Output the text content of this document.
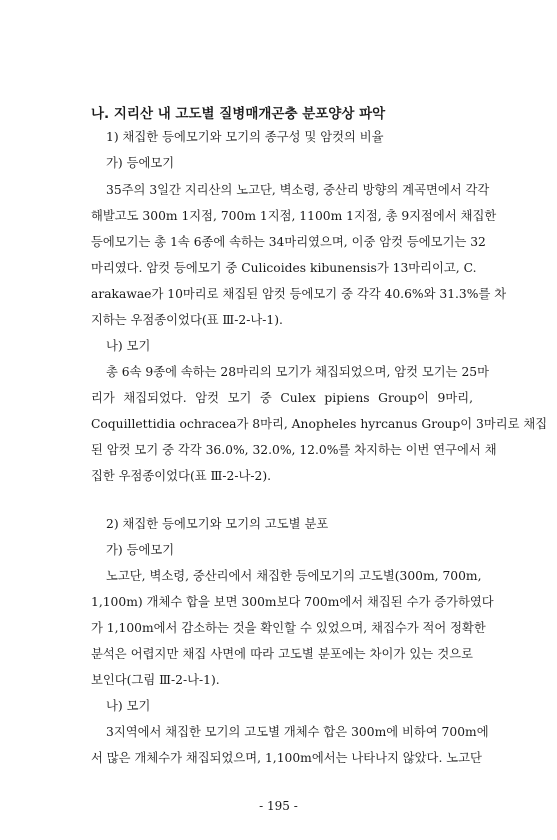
나. 지리산 내 고도별 질병매개곤충 분포양상 파악
1) 채집한 등에모기와 모기의 종구성 및 암컷의 비율
가) 등에모기
35주의 3일간 지리산의 노고단, 벽소령, 중산리 방향의 계곡면에서 각각
해발고도 300m 1지점, 700m 1지점, 1100m 1지점, 총 9지점에서 채집한
등에모기는 총 1속 6종에 속하는 34마리였으며, 이중 암컷 등에모기는 32
마리였다. 암컷 등에모기 중 Culicoides kibunensis가 13마리이고, C.
arakawae가 10마리로 채집된 암컷 등에모기 중 각각 40.6%와 31.3%를 차
지하는 우점종이었다(표 Ⅲ-2-나-1).
나) 모기
총 6속 9종에 속하는 28마리의 모기가 채집되었으며, 암컷 모기는 25마
리가 채집되었다. 암컷 모기 중 Culex pipiens Group이 9마리,
Coquillettidia ochracea가 8마리, Anopheles hyrcanus Group이 3마리로 채집
된 암컷 모기 중 각각 36.0%, 32.0%, 12.0%를 차지하는 이번 연구에서 채
집한 우점종이었다(표 Ⅲ-2-나-2).
2) 채집한 등에모기와 모기의 고도별 분포
가) 등에모기
노고단, 벽소령, 중산리에서 채집한 등에모기의 고도별(300m, 700m,
1,100m) 개체수 합을 보면 300m보다 700m에서 채집된 수가 증가하였다
가 1,100m에서 감소하는 것을 확인할 수 있었으며, 채집수가 적어 정확한
분석은 어렵지만 채집 사면에 따라 고도별 분포에는 차이가 있는 것으로
보인다(그림 Ⅲ-2-나-1).
나) 모기
3지역에서 채집한 모기의 고도별 개체수 합은 300m에 비하여 700m에
서 많은 개체수가 채집되었으며, 1,100m에서는 나타나지 않았다. 노고단
- 195 -
